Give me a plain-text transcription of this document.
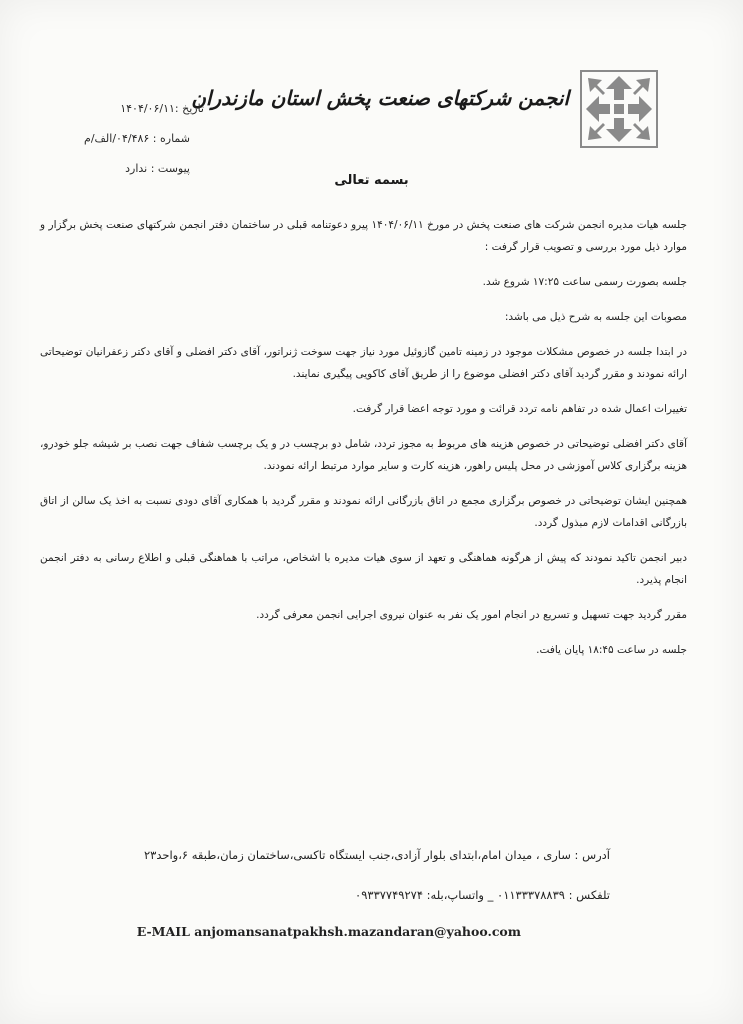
انجمن شرکتهای صنعت پخش استان مازندران
تاریخ :۱۴۰۴/۰۶/۱۱
شماره : ۰۴/۴۸۶/الف/م
پیوست : ندارد
بسمه تعالی

جلسه هیات مدیره انجمن شرکت های صنعت پخش در مورخ ۱۴۰۴/۰۶/۱۱ پیرو دعوتنامه قبلی در ساختمان دفتر انجمن شرکتهای صنعت پخش برگزار و موارد ذیل مورد بررسی و تصویب قرار گرفت :

جلسه بصورت رسمی ساعت ۱۷:۲۵ شروع شد.

مصوبات این جلسه به شرح ذیل می باشد:

در ابتدا جلسه در خصوص مشکلات موجود در زمینه تامین گازوئیل مورد نیاز جهت سوخت ژنراتور، آقای دکتر افضلی و آقای دکتر زعفرانیان توضیحاتی ارائه نمودند و مقرر گردید آقای دکتر افضلی موضوع را از طریق آقای کاکویی پیگیری نمایند.

تغییرات اعمال شده در تفاهم نامه تردد قرائت و مورد توجه اعضا قرار گرفت.

آقای دکتر افضلی توضیحاتی در خصوص هزینه های مربوط به مجوز تردد، شامل دو برچسب در و یک برچسب شفاف جهت نصب بر شیشه جلو خودرو، هزینه برگزاری کلاس آموزشی در محل پلیس راهور، هزینه کارت و سایر موارد مرتبط ارائه نمودند.

همچنین ایشان توضیحاتی در خصوص برگزاری مجمع در اتاق بازرگانی ارائه نمودند و مقرر گردید با همکاری آقای دودی نسبت به اخذ یک سالن از اتاق بازرگانی اقدامات لازم مبذول گردد.

دبیر انجمن تاکید نمودند که پیش از هرگونه هماهنگی و تعهد از سوی هیات مدیره با اشخاص، مراتب با هماهنگی قبلی و اطلاع رسانی به دفتر انجمن انجام پذیرد.

مقرر گردید جهت تسهیل و تسریع در انجام امور یک نفر به عنوان نیروی اجرایی انجمن معرفی گردد.

جلسه در ساعت ۱۸:۴۵ پایان یافت.

آدرس : ساری ، میدان امام،ابتدای بلوار آزادی،جنب ایستگاه تاکسی،ساختمان زمان،طبقه ۶،واحد۲۳
تلفکس : ۰۱۱۳۳۳۷۸۸۳۹ _ واتساپ،بله: ۰۹۳۳۷۷۴۹۲۷۴
E-MAIL anjomansanatpakhsh.mazandaran@yahoo.com
